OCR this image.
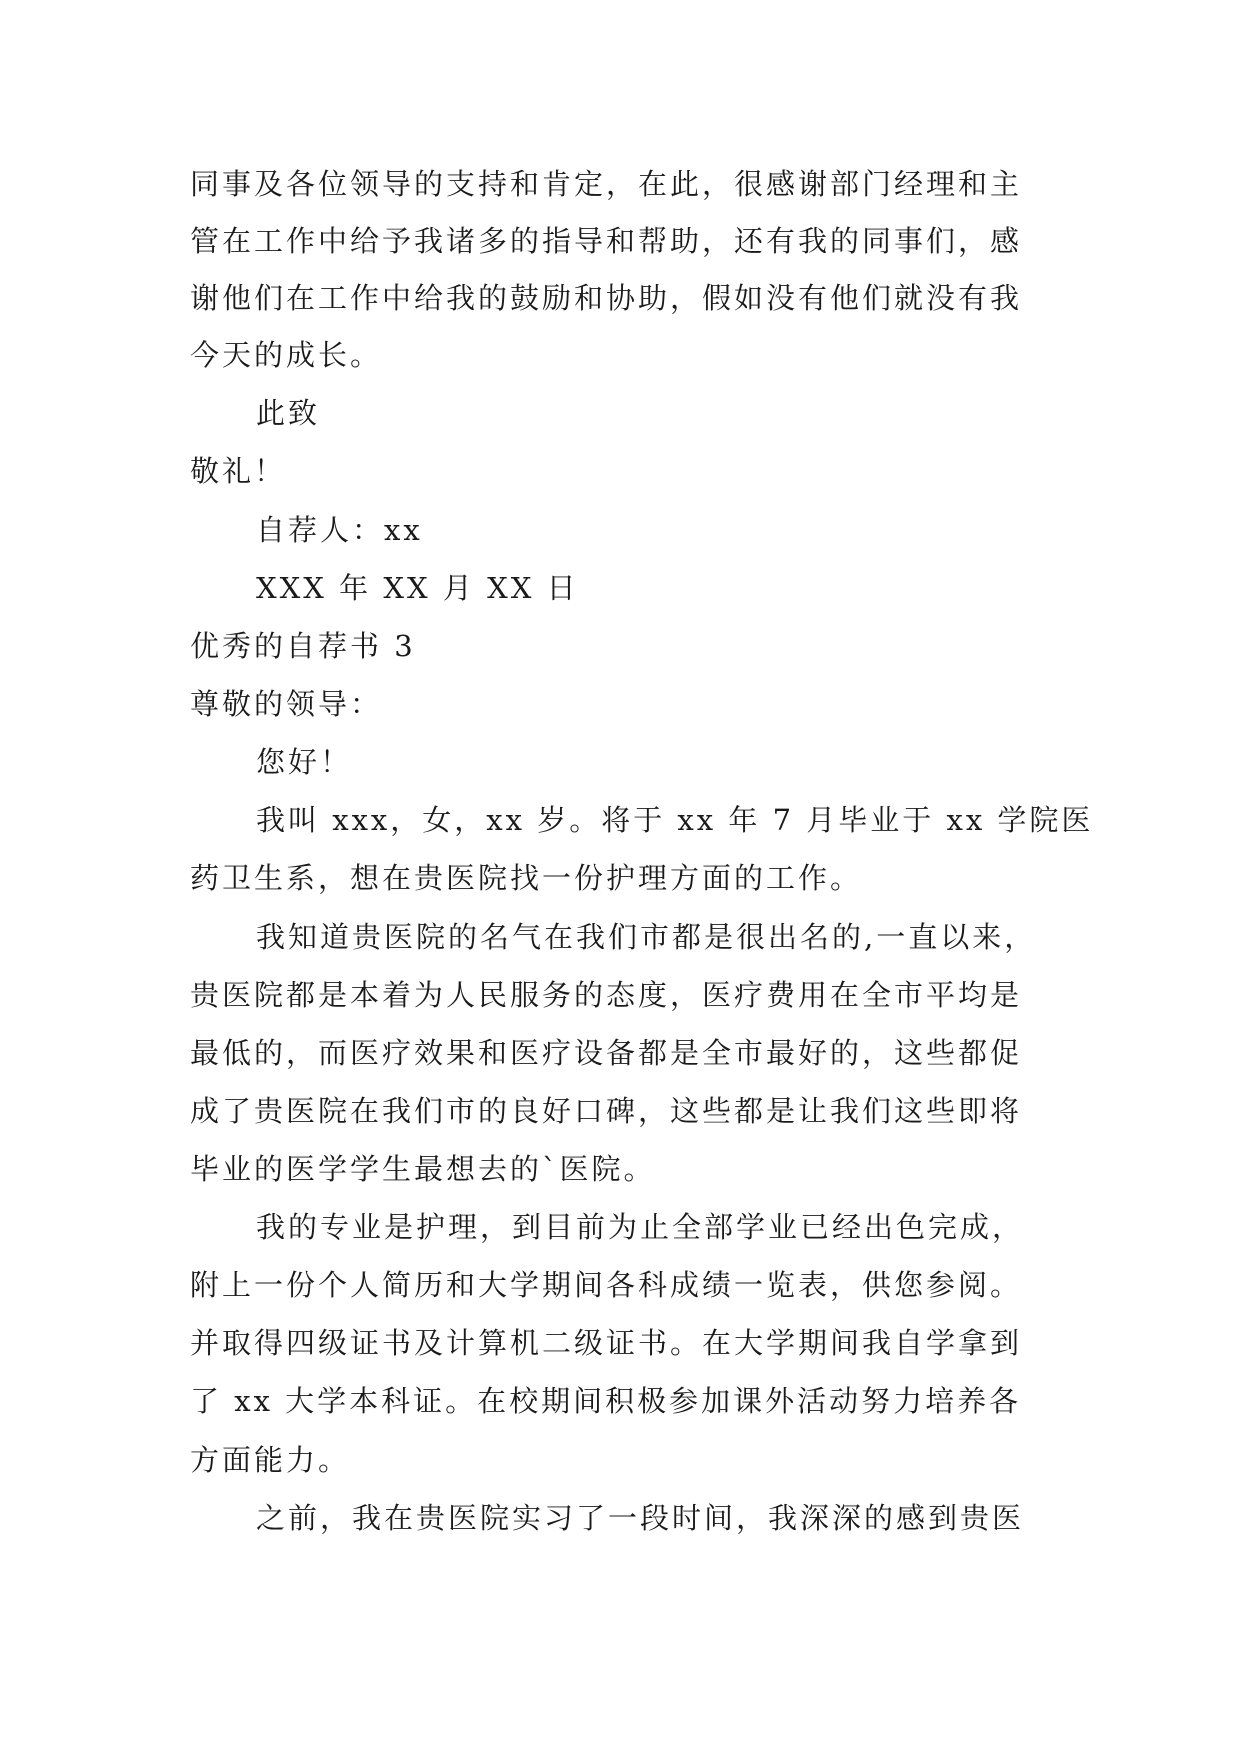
同事及各位领导的支持和肯定，在此，很感谢部门经理和主
管在工作中给予我诸多的指导和帮助，还有我的同事们，感
谢他们在工作中给我的鼓励和协助，假如没有他们就没有我
今天的成长。
此致
敬礼！
自荐人：xx
XXX 年 XX 月 XX 日
优秀的自荐书 3
尊敬的领导：
您好！
我叫 xxx，女，xx 岁。将于 xx 年 7 月毕业于 xx 学院医
药卫生系，想在贵医院找一份护理方面的工作。
我知道贵医院的名气在我们市都是很出名的,一直以来，
贵医院都是本着为人民服务的态度，医疗费用在全市平均是
最低的，而医疗效果和医疗设备都是全市最好的，这些都促
成了贵医院在我们市的良好口碑，这些都是让我们这些即将
毕业的医学学生最想去的`医院。
我的专业是护理，到目前为止全部学业已经出色完成，
附上一份个人简历和大学期间各科成绩一览表，供您参阅。
并取得四级证书及计算机二级证书。在大学期间我自学拿到
了 xx 大学本科证。在校期间积极参加课外活动努力培养各
方面能力。
之前，我在贵医院实习了一段时间，我深深的感到贵医
